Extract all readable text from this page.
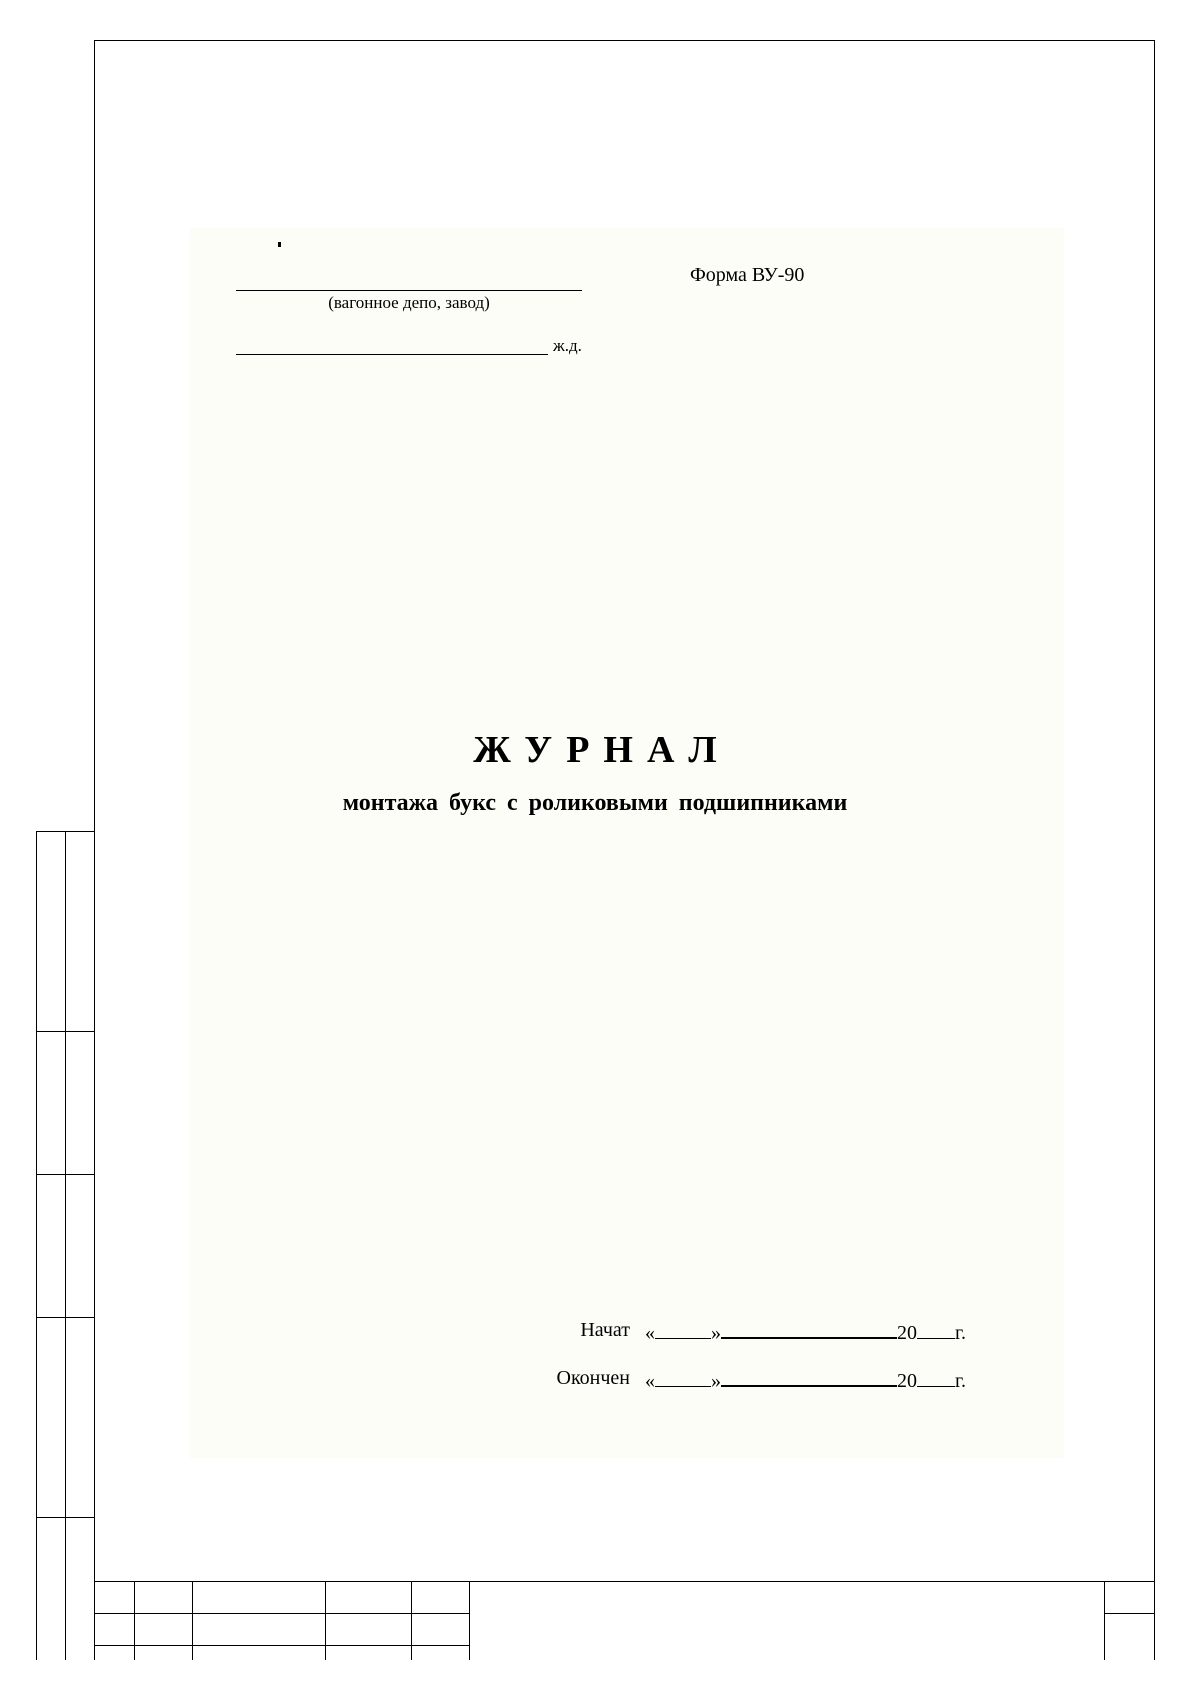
(вагонное депо, завод)
Форма ВУ-90
ж.д.
ЖУРНАЛ
монтажа букс с роликовыми подшипниками
Начат «	»	20 г.
Окончен «	»	20 г.
